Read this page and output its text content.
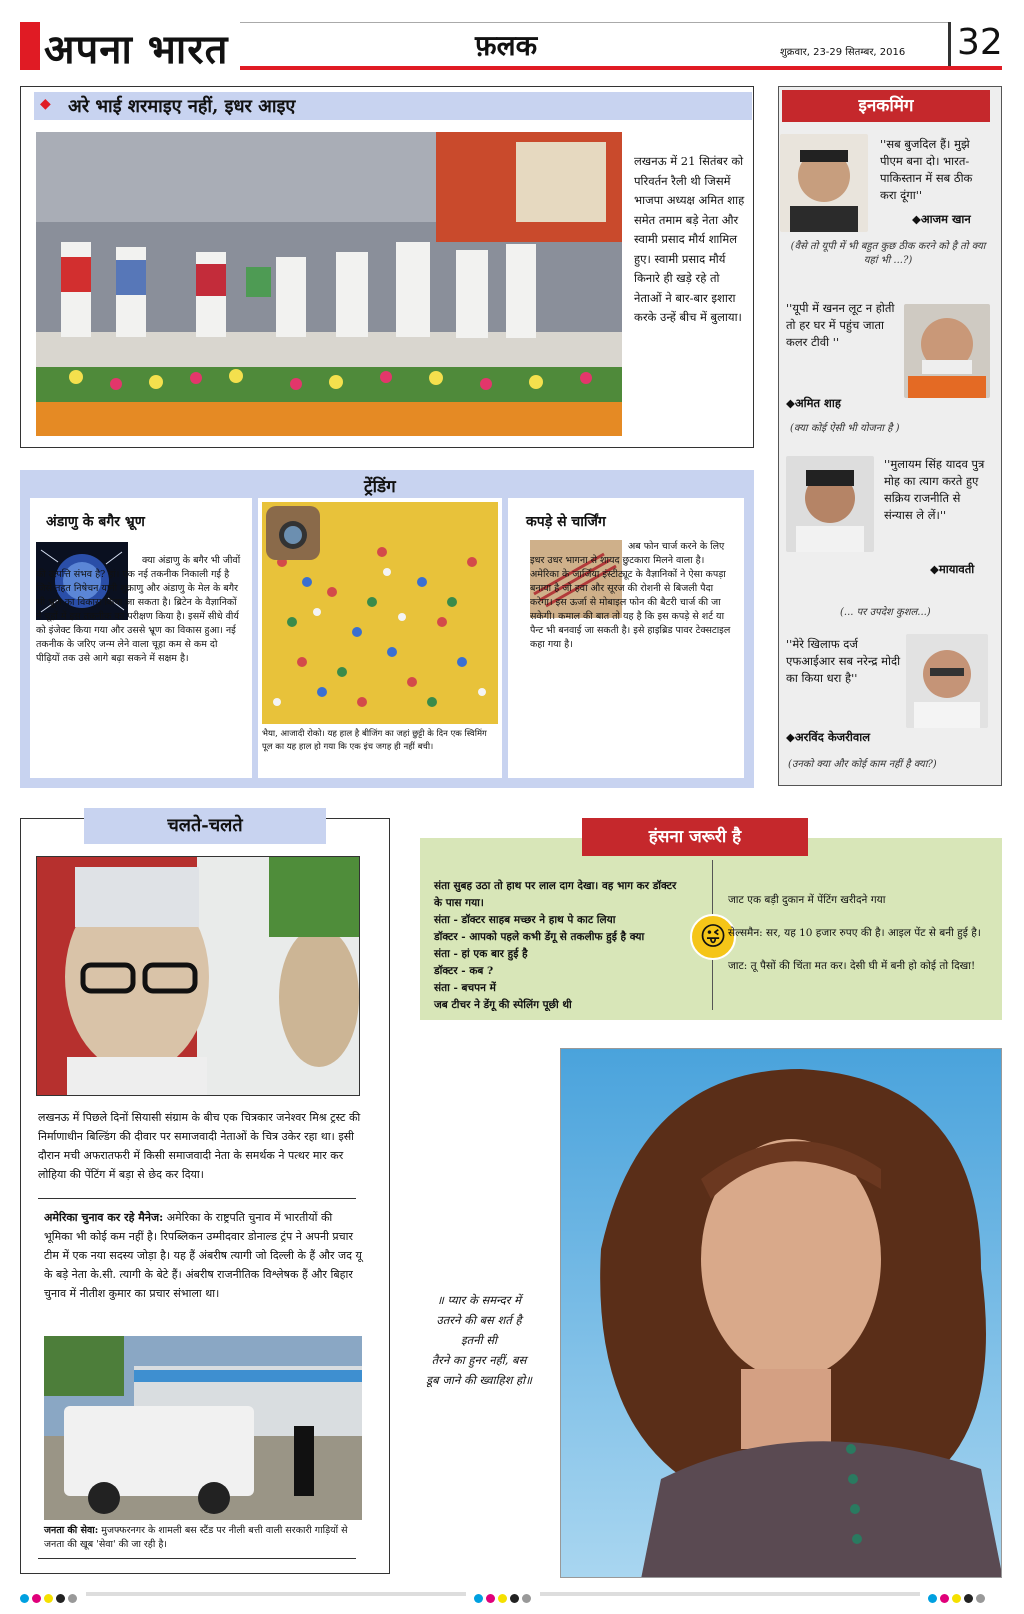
अपना भारत	फ़लक	शुक्रवार, 23-29 सितम्बर, 2016 32
◆ अरे भाई शरमाइए नहीं, इधर आइए
लखनऊ में 21 सितंबर को परिवर्तन रैली थी जिसमें भाजपा अध्यक्ष अमित शाह समेत तमाम बड़े नेता और स्वामी प्रसाद मौर्य शामिल हुए। स्वामी प्रसाद मौर्य किनारे ही खड़े रहे तो नेताओं ने बार-बार इशारा करके उन्हें बीच में बुलाया।
ट्रेंडिंग
अंडाणु के बगैर भ्रूण
क्या अंडाणु के बगैर भी जीवों की उत्पत्ति संभव है? हां। एक नई तकनीक निकाली गई है जिसे तहत निषेचन यानी शुक्राणु और अंडाणु के मेल के बगैर भी भ्रूण का विकास किया जा सकता है। ब्रिटेन के वैज्ञानिकों ने चूहों में इस तकनीक का परीक्षण किया है। इसमें सीधे वीर्य को इंजेक्ट किया गया और उससे भ्रूण का विकास हुआ। नई तकनीक के जरिए जन्म लेने वाला चूहा कम से कम दो पीढ़ियों तक उसे आगे बढ़ा सकने में सक्षम है।
भैया, आजादी रोको। यह हाल है बीजिंग का जहां छुट्टी के दिन एक स्विमिंग पूल का यह हाल हो गया कि एक इंच जगह ही नहीं बची।
कपड़े से चार्जिंग
अब फोन चार्ज करने के लिए इधर उधर भागना से शायद छुटकारा मिलने वाला है। अमेरिका के जार्जिया इंस्टीट्यूट के वैज्ञानिकों ने ऐसा कपड़ा बनाया है जो हवा और सूरज की रोशनी से बिजली पैदा करेगा। इस ऊर्जा से मोबाइल फोन की बैटरी चार्ज की जा सकेगी। कमाल की बात तो यह है कि इस कपड़े से शर्ट या पैन्ट भी बनवाई जा सकती है। इसे हाइब्रिड पावर टेक्सटाइल कहा गया है।
इनकमिंग
''सब बुजदिल हैं। मुझे पीएम बना दो। भारत-पाकिस्तान में सब ठीक करा दूंगा''
◆आजम खान
(वैसे तो यूपी में भी बहुत कुछ ठीक करने को है तो क्या यहां भी ...?)
''यूपी में खनन लूट न होती तो हर घर में पहुंच जाता कलर टीवी ''
◆अमित शाह
(क्या कोई ऐसी भी योजना है )
''मुलायम सिंह यादव पुत्र मोह का त्याग करते हुए सक्रिय राजनीति से संन्यास ले लें।''
◆मायावती
(... पर उपदेश कुशल...)
''मेरे खिलाफ दर्ज एफआईआर सब नरेन्द्र मोदी का किया धरा है''
◆अरविंद केजरीवाल
(उनको क्या और कोई काम नहीं है क्या?)
चलते-चलते
लखनऊ में पिछले दिनों सियासी संग्राम के बीच एक चित्रकार जनेश्वर मिश्र ट्रस्ट की निर्माणाधीन बिल्डिंग की दीवार पर समाजवादी नेताओं के चित्र उकेर रहा था। इसी दौरान मची अफरातफरी में किसी समाजवादी नेता के समर्थक ने पत्थर मार कर लोहिया की पेंटिंग में बड़ा से छेद कर दिया।
अमेरिका चुनाव कर रहे मैनेज: अमेरिका के राष्ट्रपति चुनाव में भारतीयों की भूमिका भी कोई कम नहीं है। रिपब्लिकन उम्मीदवार डोनाल्ड ट्रंप ने अपनी प्रचार टीम में एक नया सदस्य जोड़ा है। यह हैं अंबरीष त्यागी जो दिल्ली के हैं और जद यू के बड़े नेता के.सी. त्यागी के बेटे हैं। अंबरीष राजनीतिक विश्लेषक हैं और बिहार चुनाव में नीतीश कुमार का प्रचार संभाला था।
जनता की सेवा: मुजफ्फरनगर के शामली बस स्टैंड पर नीली बत्ती वाली सरकारी गाड़ियों से जनता की खूब 'सेवा' की जा रही है।
हंसना जरूरी है
संता सुबह उठा तो हाथ पर लाल दाग देखा। वह भाग कर डॉक्टर के पास गया।
संता - डॉक्टर साहब मच्छर ने हाथ पे काट लिया
डॉक्टर - आपको पहले कभी डेंगू से तकलीफ हुई है क्या
संता - हां एक बार हुई है
डॉक्टर - कब ?
संता - बचपन में
जब टीचर ने डेंगू की स्पेलिंग पूछी थी
😜
जाट एक बड़ी दुकान में पेंटिंग खरीदने गया
सेल्समैन: सर, यह 10 हजार रुपए की है। आइल पेंट से बनी हुई है।
जाट: तू पैसों की चिंता मत कर। देसी घी में बनी हो कोई तो दिखा!
॥ प्यार के समन्दर में
उतरने की बस शर्त है
इतनी सी
तैरने का हुनर नहीं, बस
डूब जाने की ख्वाहिश हो॥
